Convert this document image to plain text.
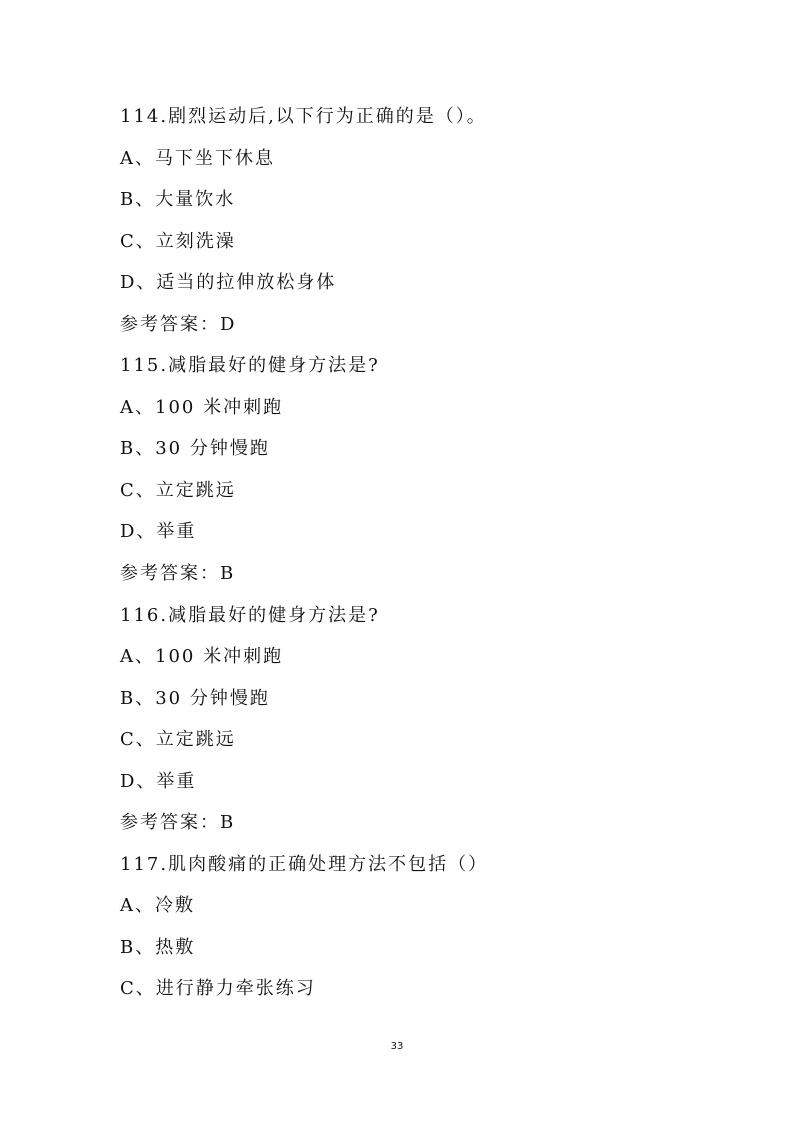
114.剧烈运动后,以下行为正确的是（）。
A、马下坐下休息
B、大量饮水
C、立刻洗澡
D、适当的拉伸放松身体
参考答案：D
115.减脂最好的健身方法是?
A、100 米冲刺跑
B、30 分钟慢跑
C、立定跳远
D、举重
参考答案：B
116.减脂最好的健身方法是?
A、100 米冲刺跑
B、30 分钟慢跑
C、立定跳远
D、举重
参考答案：B
117.肌肉酸痛的正确处理方法不包括（）
A、冷敷
B、热敷
C、进行静力牵张练习
33
